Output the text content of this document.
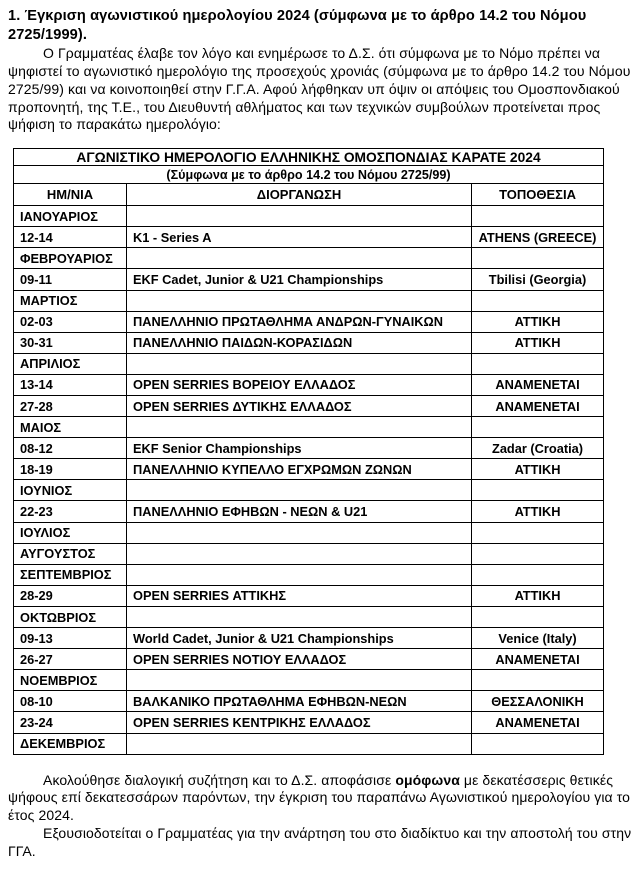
1. Έγκριση αγωνιστικού ημερολογίου 2024 (σύμφωνα με το άρθρο 14.2 του Νόμου 2725/1999).

Ο Γραμματέας έλαβε τον λόγο και ενημέρωσε το Δ.Σ. ότι σύμφωνα με το Νόμο πρέπει να ψηφιστεί το αγωνιστικό ημερολόγιο της προσεχούς χρονιάς (σύμφωνα με το άρθρο 14.2 του Νόμου 2725/99) και να κοινοποιηθεί στην Γ.Γ.Α. Αφού λήφθηκαν υπ όψιν οι απόψεις του Ομοσπονδιακού προπονητή, της Τ.Ε., του Διευθυντή αθλήματος και των τεχνικών συμβούλων προτείνεται προς ψήφιση το παρακάτω ημερολόγιο:

ΑΓΩΝΙΣΤΙΚΟ ΗΜΕΡΟΛΟΓΙΟ ΕΛΛΗΝΙΚΗΣ ΟΜΟΣΠΟΝΔΙΑΣ ΚΑΡΑΤΕ 2024		
(Σύμφωνα με το άρθρο 14.2 του Νόμου 2725/99)		
ΗΜ/ΝΙΑ	ΔΙΟΡΓΑΝΩΣΗ	ΤΟΠΟΘΕΣΙΑ
ΙΑΝΟΥΑΡΙΟΣ		
12-14	K1 - Series A	ATHENS (GREECE)
ΦΕΒΡΟΥΑΡΙΟΣ		
09-11	EKF Cadet, Junior & U21 Championships	Tbilisi (Georgia)
ΜΑΡΤΙΟΣ		
02-03	ΠΑΝΕΛΛΗΝΙΟ ΠΡΩΤΑΘΛΗΜΑ ΑΝΔΡΩΝ-ΓΥΝΑΙΚΩΝ	ΑΤΤΙΚΗ
30-31	ΠΑΝΕΛΛΗΝΙΟ ΠΑΙΔΩΝ-ΚΟΡΑΣΙΔΩΝ	ΑΤΤΙΚΗ
ΑΠΡΙΛΙΟΣ		
13-14	OPEN SERRIES ΒΟΡΕΙΟΥ ΕΛΛΑΔΟΣ	ΑΝΑΜΕΝΕΤΑΙ
27-28	OPEN SERRIES ΔΥΤΙΚΗΣ ΕΛΛΑΔΟΣ	ΑΝΑΜΕΝΕΤΑΙ
ΜΑΙΟΣ		
08-12	EKF Senior Championships	Zadar (Croatia)
18-19	ΠΑΝΕΛΛΗΝΙΟ ΚΥΠΕΛΛΟ ΕΓΧΡΩΜΩΝ ΖΩΝΩΝ	ΑΤΤΙΚΗ
ΙΟΥΝΙΟΣ		
22-23	ΠΑΝΕΛΛΗΝΙΟ ΕΦΗΒΩΝ - ΝΕΩΝ & U21	ΑΤΤΙΚΗ
ΙΟΥΛΙΟΣ		
ΑΥΓΟΥΣΤΟΣ		
ΣΕΠΤΕΜΒΡΙΟΣ		
28-29	OPEN SERRIES ΑΤΤΙΚΗΣ	ΑΤΤΙΚΗ
ΟΚΤΩΒΡΙΟΣ		
09-13	World Cadet, Junior & U21 Championships	Venice (Italy)
26-27	OPEN SERRIES ΝΟΤΙΟΥ ΕΛΛΑΔΟΣ	ΑΝΑΜΕΝΕΤΑΙ
ΝΟΕΜΒΡΙΟΣ		
08-10	ΒΑΛΚΑΝΙΚΟ ΠΡΩΤΑΘΛΗΜΑ ΕΦΗΒΩΝ-ΝΕΩΝ	ΘΕΣΣΑΛΟΝΙΚΗ
23-24	OPEN SERRIES ΚΕΝΤΡΙΚΗΣ ΕΛΛΑΔΟΣ	ΑΝΑΜΕΝΕΤΑΙ
ΔΕΚΕΜΒΡΙΟΣ		

Ακολούθησε διαλογική συζήτηση και το Δ.Σ. αποφάσισε ομόφωνα με δεκατέσσερις θετικές ψήφους επί δεκατεσσάρων παρόντων, την έγκριση του παραπάνω Αγωνιστικού ημερολογίου για το έτος 2024.

Εξουσιοδοτείται ο Γραμματέας για την ανάρτηση του στο διαδίκτυο και την αποστολή του στην ΓΓΑ.
